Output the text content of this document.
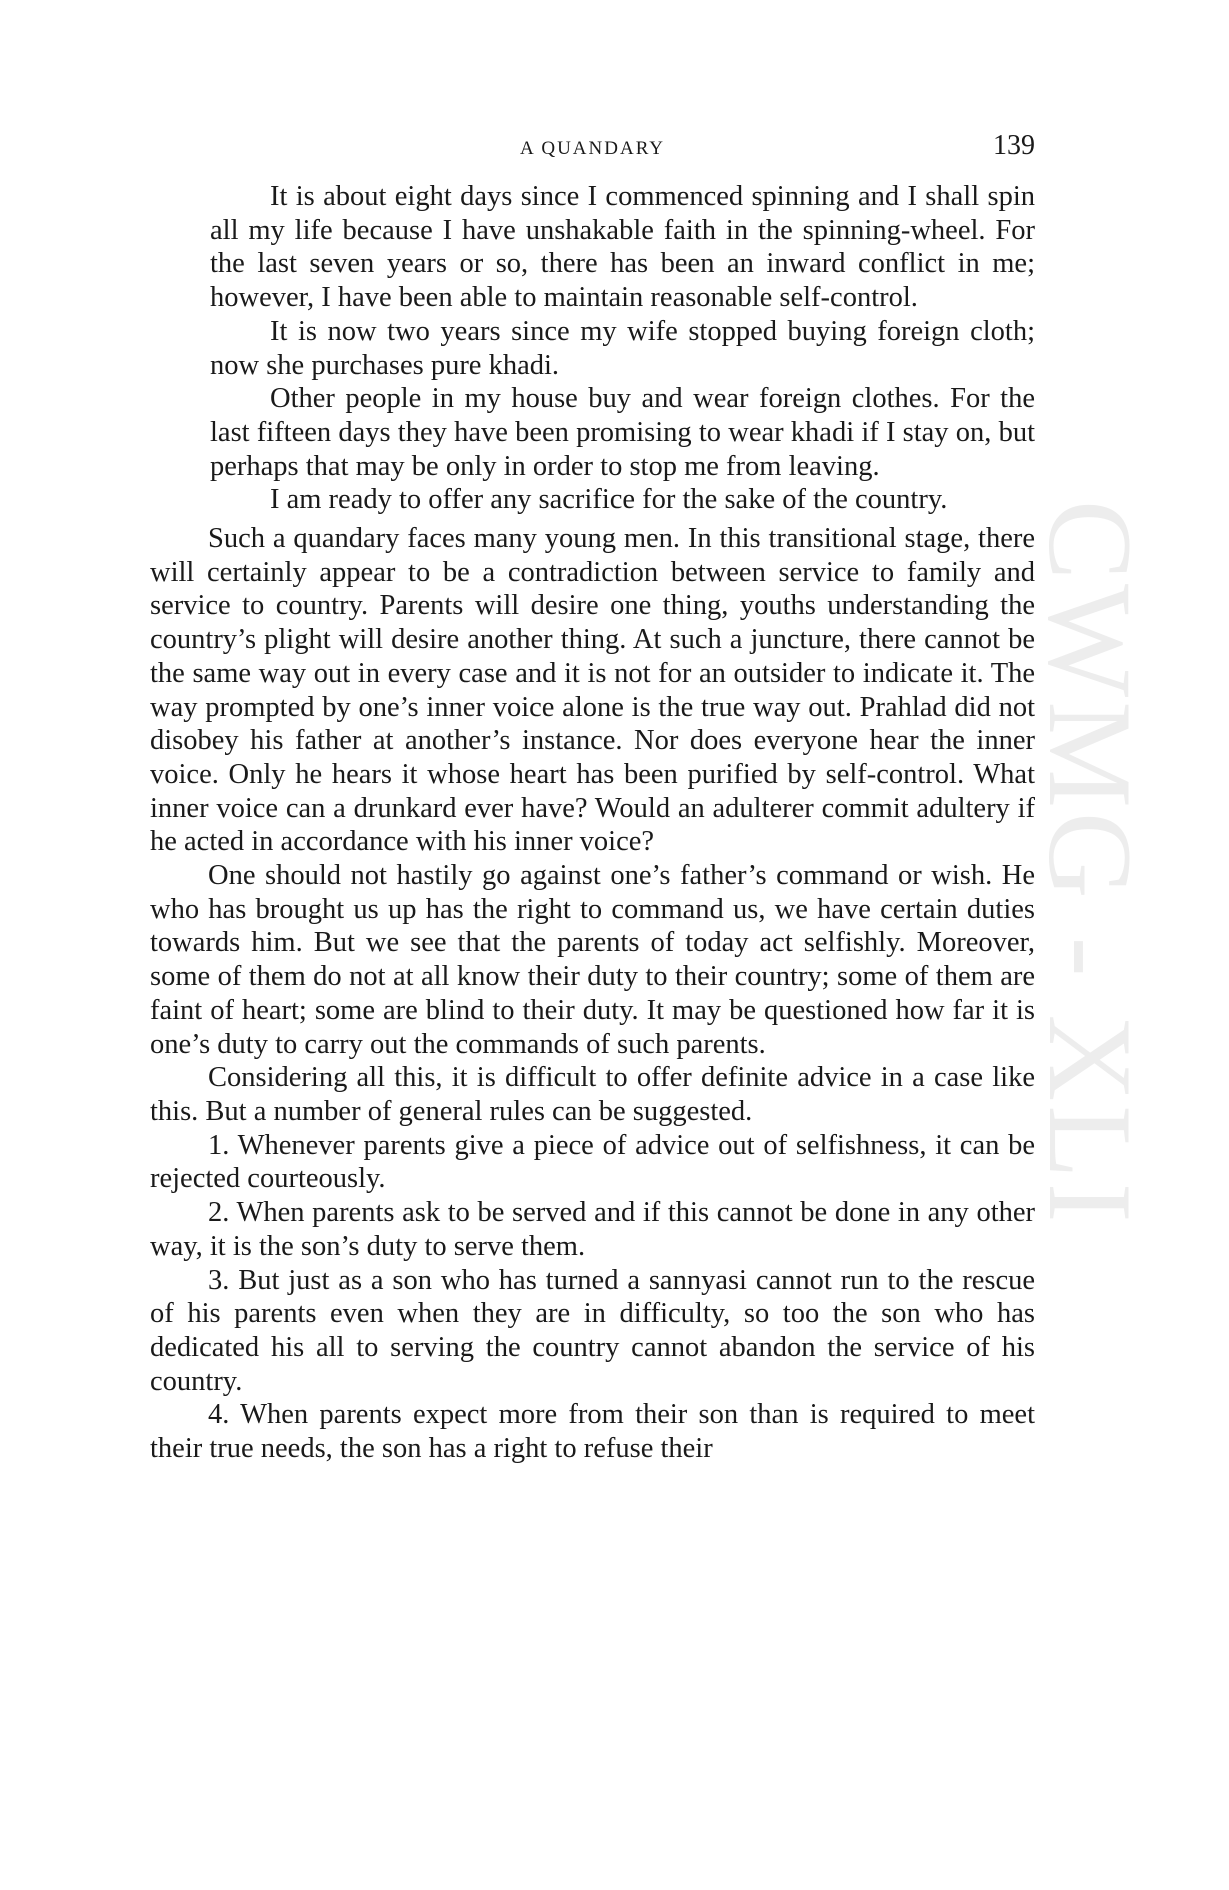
A QUANDARY	139
CWMG - XLI

It is about eight days since I commenced spinning and I shall spin all my life because I have unshakable faith in the spinning-wheel. For the last seven years or so, there has been an inward conflict in me; however, I have been able to maintain reasonable self-control.

It is now two years since my wife stopped buying foreign cloth; now she purchases pure khadi.

Other people in my house buy and wear foreign clothes. For the last fifteen days they have been promising to wear khadi if I stay on, but perhaps that may be only in order to stop me from leaving.

I am ready to offer any sacrifice for the sake of the country.

Such a quandary faces many young men. In this transitional stage, there will certainly appear to be a contradiction between service to family and service to country. Parents will desire one thing, youths understanding the country’s plight will desire another thing. At such a juncture, there cannot be the same way out in every case and it is not for an outsider to indicate it. The way prompted by one’s inner voice alone is the true way out. Prahlad did not disobey his father at another’s instance. Nor does everyone hear the inner voice. Only he hears it whose heart has been purified by self-control. What inner voice can a drunkard ever have? Would an adulterer commit adultery if he acted in accordance with his inner voice?

One should not hastily go against one’s father’s command or wish. He who has brought us up has the right to command us, we have certain duties towards him. But we see that the parents of today act selfishly. Moreover, some of them do not at all know their duty to their country; some of them are faint of heart; some are blind to their duty. It may be questioned how far it is one’s duty to carry out the commands of such parents.

Considering all this, it is difficult to offer definite advice in a case like this. But a number of general rules can be suggested.

1. Whenever parents give a piece of advice out of selfishness, it can be rejected courteously.

2. When parents ask to be served and if this cannot be done in any other way, it is the son’s duty to serve them.

3. But just as a son who has turned a sannyasi cannot run to the rescue of his parents even when they are in difficulty, so too the son who has dedicated his all to serving the country cannot abandon the service of his country.

4. When parents expect more from their son than is required to meet their true needs, the son has a right to refuse their
